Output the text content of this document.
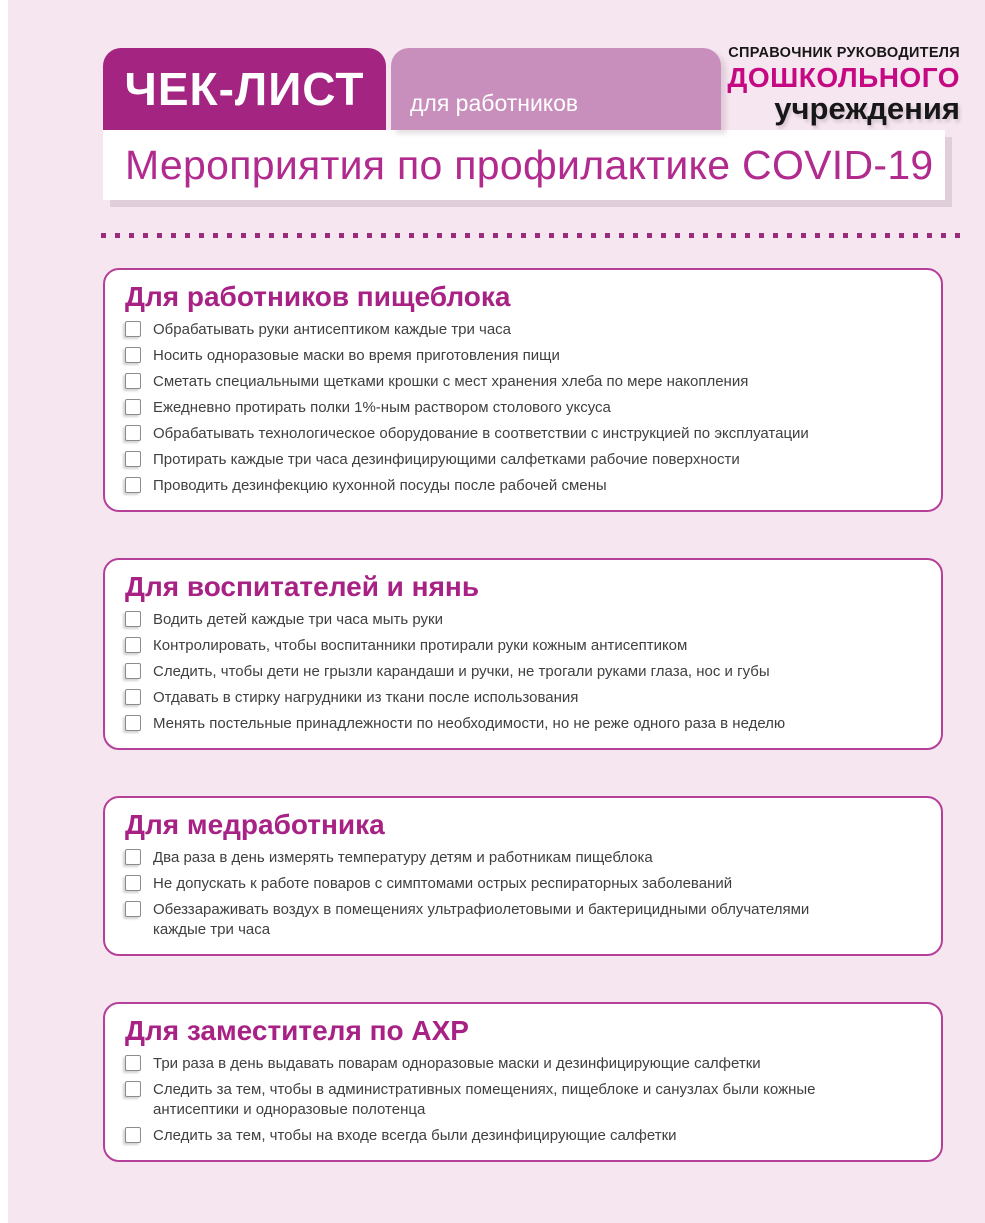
СПРАВОЧНИК РУКОВОДИТЕЛЯ
ДОШКОЛЬНОГО
учреждения
ЧЕК-ЛИСТ	для работников
Мероприятия по профилактике COVID-19
Для работников пищеблока
Обрабатывать руки антисептиком каждые три часа
Носить одноразовые маски во время приготовления пищи
Сметать специальными щетками крошки с мест хранения хлеба по мере накопления
Ежедневно протирать полки 1%-ным раствором столового уксуса
Обрабатывать технологическое оборудование в соответствии с инструкцией по эксплуатации
Протирать каждые три часа дезинфицирующими салфетками рабочие поверхности
Проводить дезинфекцию кухонной посуды после рабочей смены
Для воспитателей и нянь
Водить детей каждые три часа мыть руки
Контролировать, чтобы воспитанники протирали руки кожным антисептиком
Следить, чтобы дети не грызли карандаши и ручки, не трогали руками глаза, нос и губы
Отдавать в стирку нагрудники из ткани после использования
Менять постельные принадлежности по необходимости, но не реже одного раза в неделю
Для медработника
Два раза в день измерять температуру детям и работникам пищеблока
Не допускать к работе поваров с симптомами острых респираторных заболеваний
Обеззараживать воздух в помещениях ультрафиолетовыми и бактерицидными облучателями каждые три часа
Для заместителя по АХР
Три раза в день выдавать поварам одноразовые маски и дезинфицирующие салфетки
Следить за тем, чтобы в административных помещениях, пищеблоке и санузлах были кожные антисептики и одноразовые полотенца
Следить за тем, чтобы на входе всегда были дезинфицирующие салфетки
